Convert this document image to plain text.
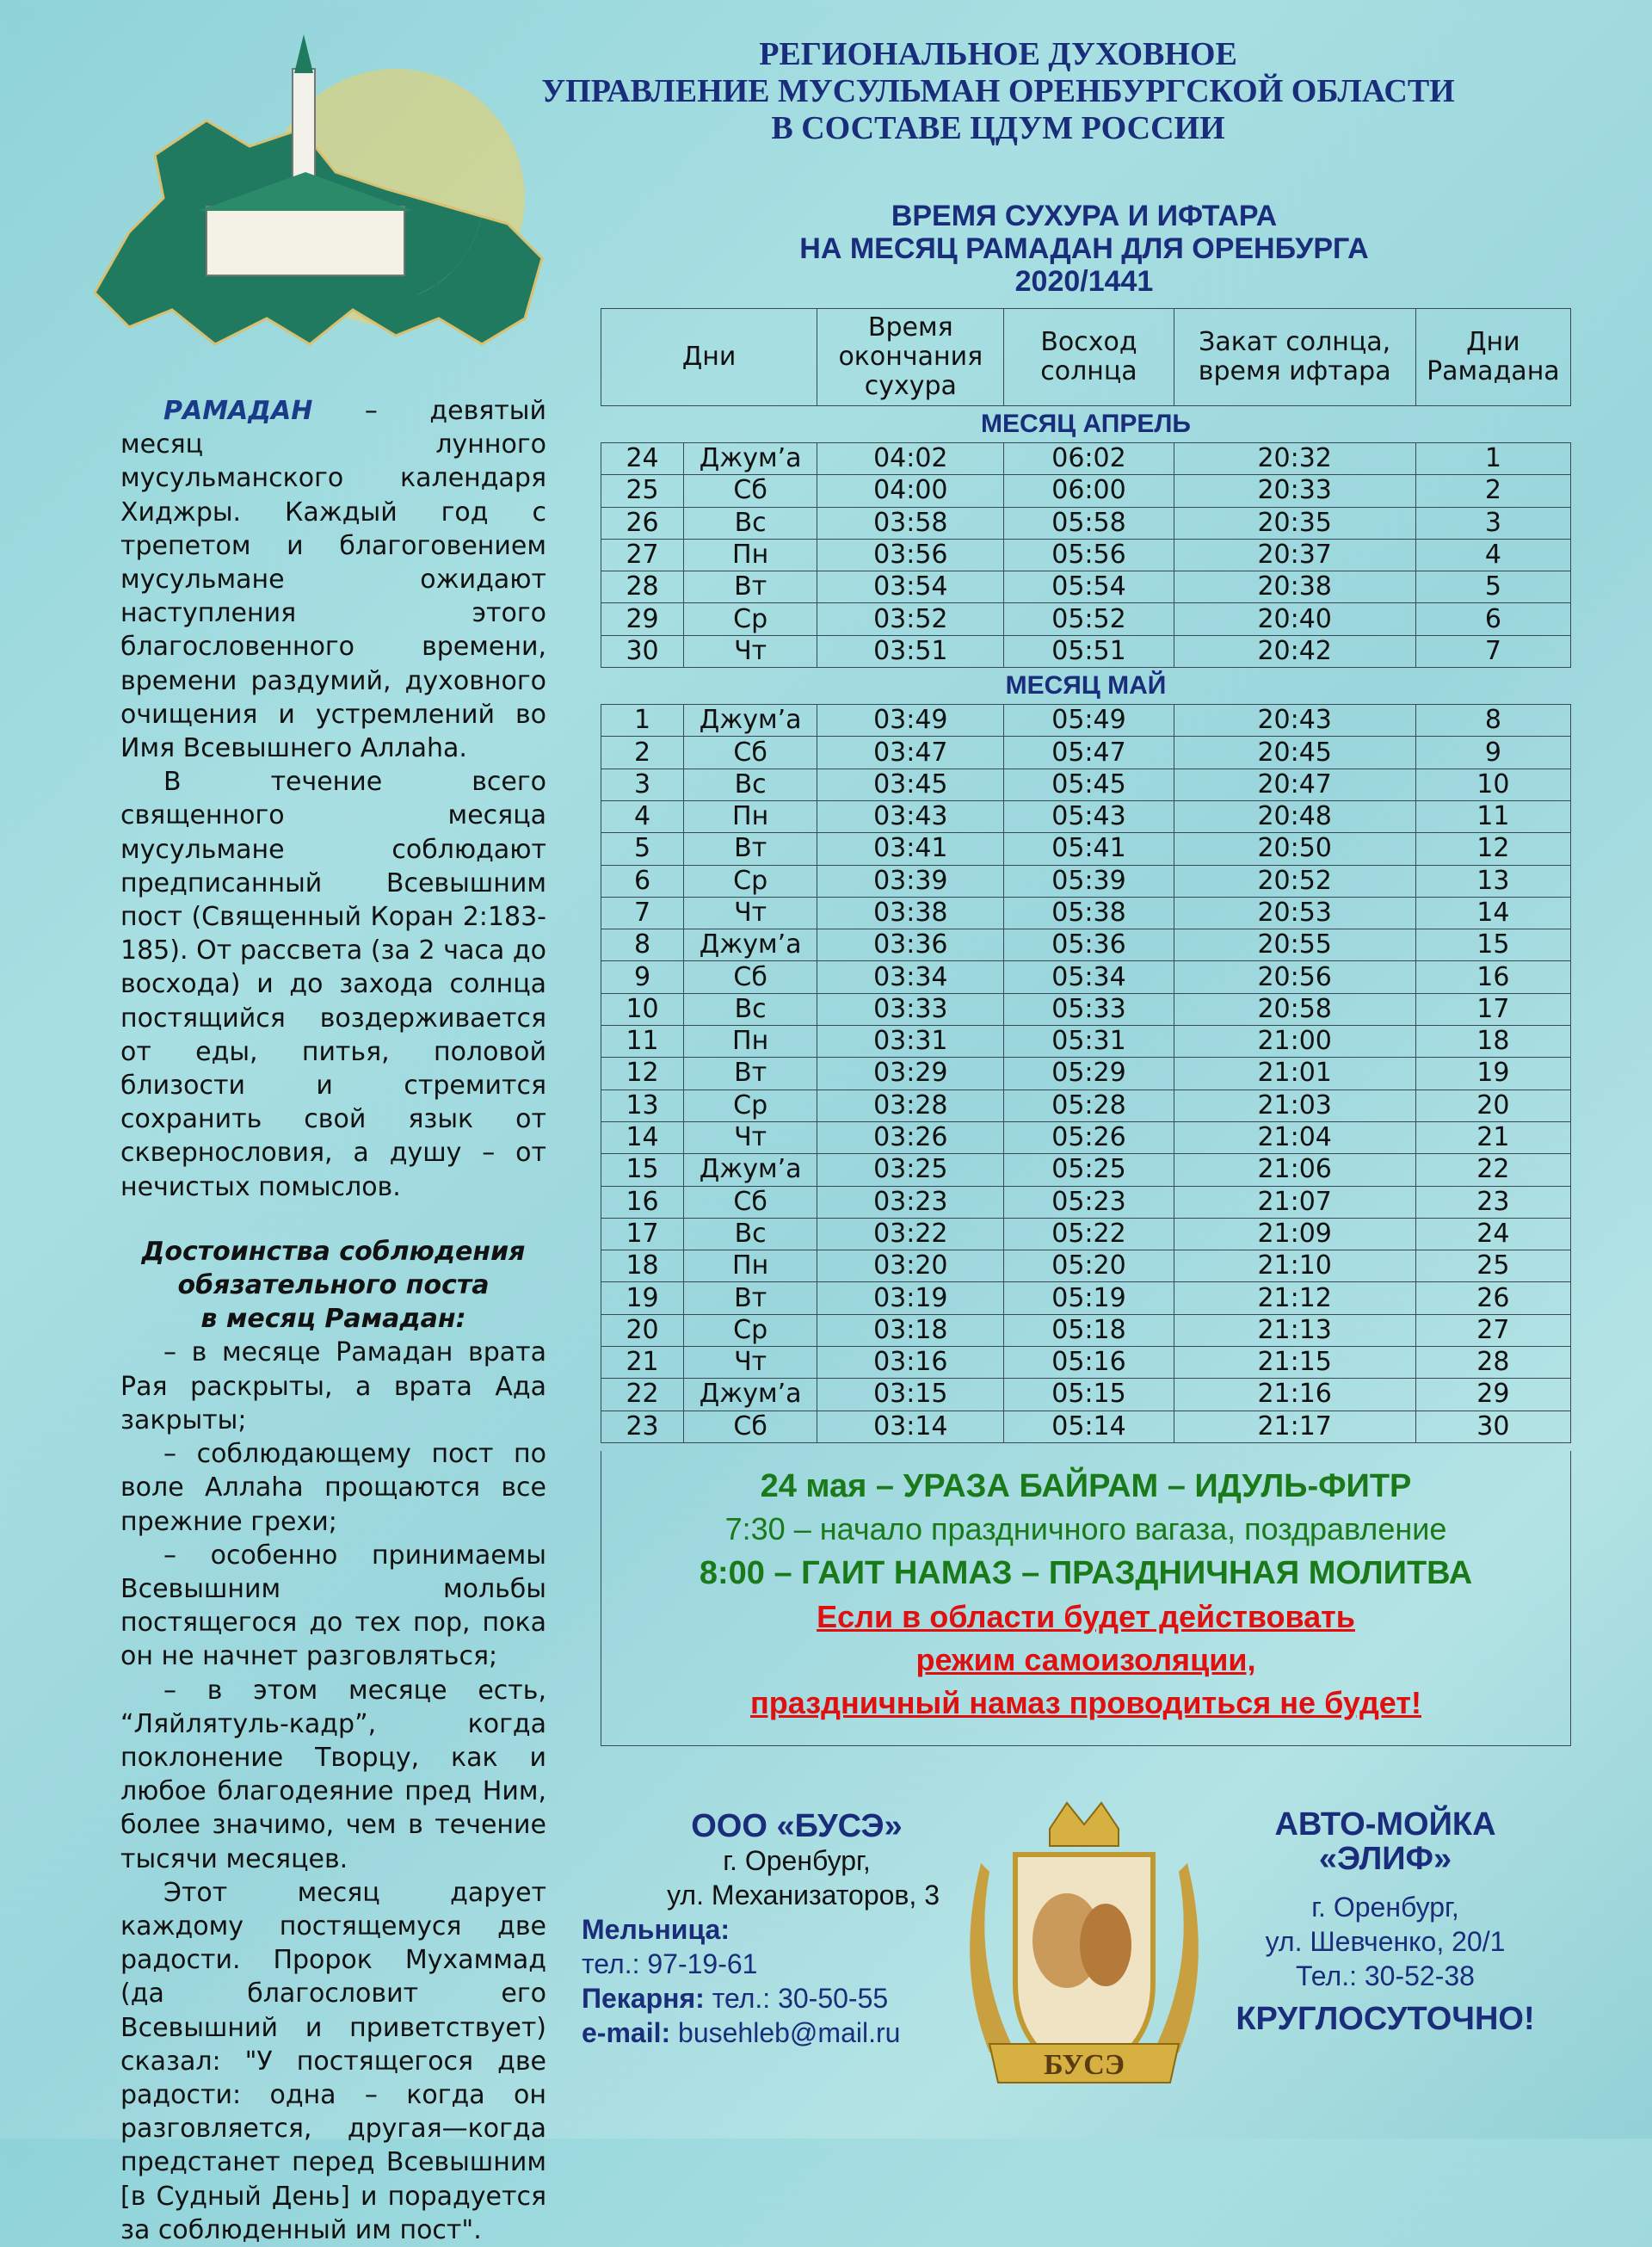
РЕГИОНАЛЬНОЕ ДУХОВНОЕ
УПРАВЛЕНИЕ МУСУЛЬМАН ОРЕНБУРГСКОЙ ОБЛАСТИ
В СОСТАВЕ ЦДУМ РОССИИ
ВРЕМЯ СУХУРА И ИФТАРА
НА МЕСЯЦ РАМАДАН ДЛЯ ОРЕНБУРГА
2020/1441

РАМАДАН – девятый месяц лунного мусульманского календаря Хиджры. Каждый год с трепетом и благоговением мусульмане ожидают наступления этого благословенного времени, времени раздумий, духовного очищения и устремлений во Имя Всевышнего Аллаhа.

В течение всего священного месяца мусульмане соблюдают предписанный Всевышним пост (Священный Коран 2:183-185). От рассвета (за 2 часа до восхода) и до захода солнца постящийся воздерживается от еды, питья, половой близости и стремится сохранить свой язык от сквернословия, а душу – от нечистых помыслов.

Достоинства соблюдения
обязательного поста
в месяц Рамадан:

– в месяце Рамадан врата Рая раскрыты, а врата Ада закрыты;

– соблюдающему пост по воле Аллаhа прощаются все прежние грехи;

– особенно принимаемы Всевышним мольбы постящегося до тех пор, пока он не начнет разговляться;

– в этом месяце есть, “Ляйлятуль-кадр”, когда поклонение Творцу, как и любое благодеяние пред Ним, более значимо, чем в течение тысячи месяцев.

Этот месяц дарует каждому постящемуся две радости. Пророк Мухаммад (да благословит его Всевышний и приветствует) сказал: "У постящегося две радости: одна – когда он разговляется, другая—когда предстанет перед Всевышним [в Судный День] и порадуется за соблюденный им пост".

Дни		Время окончания сухура	Восход солнца	Закат солнца, время ифтара	Дни Рамадана
МЕСЯЦ АПРЕЛЬ					
24	Джум’а	04:02	06:02	20:32	1
25	Сб	04:00	06:00	20:33	2
26	Вс	03:58	05:58	20:35	3
27	Пн	03:56	05:56	20:37	4
28	Вт	03:54	05:54	20:38	5
29	Ср	03:52	05:52	20:40	6
30	Чт	03:51	05:51	20:42	7
МЕСЯЦ МАЙ					
1	Джум’а	03:49	05:49	20:43	8
2	Сб	03:47	05:47	20:45	9
3	Вс	03:45	05:45	20:47	10
4	Пн	03:43	05:43	20:48	11
5	Вт	03:41	05:41	20:50	12
6	Ср	03:39	05:39	20:52	13
7	Чт	03:38	05:38	20:53	14
8	Джум’а	03:36	05:36	20:55	15
9	Сб	03:34	05:34	20:56	16
10	Вс	03:33	05:33	20:58	17
11	Пн	03:31	05:31	21:00	18
12	Вт	03:29	05:29	21:01	19
13	Ср	03:28	05:28	21:03	20
14	Чт	03:26	05:26	21:04	21
15	Джум’а	03:25	05:25	21:06	22
16	Сб	03:23	05:23	21:07	23
17	Вс	03:22	05:22	21:09	24
18	Пн	03:20	05:20	21:10	25
19	Вт	03:19	05:19	21:12	26
20	Ср	03:18	05:18	21:13	27
21	Чт	03:16	05:16	21:15	28
22	Джум’а	03:15	05:15	21:16	29
23	Сб	03:14	05:14	21:17	30
24 мая – УРАЗА БАЙРАМ – ИДУЛЬ-ФИТР
7:30 – начало праздничного вагаза, поздравление
8:00 – ГАИТ НАМАЗ – ПРАЗДНИЧНАЯ МОЛИТВА
Если в области будет действовать
режим самоизоляции,
праздничный намаз проводиться не будет!
ООО «БУСЭ»
г. Оренбург,
ул. Механизаторов, 3
Мельница:
тел.: 97-19-61
Пекарня: тел.: 30-50-55
e-mail: busehleb@mail.ru
БУСЭ
АВТО-МОЙКА
«ЭЛИФ»
г. Оренбург,
ул. Шевченко, 20/1
Тел.: 30-52-38
КРУГЛОСУТОЧНО!
